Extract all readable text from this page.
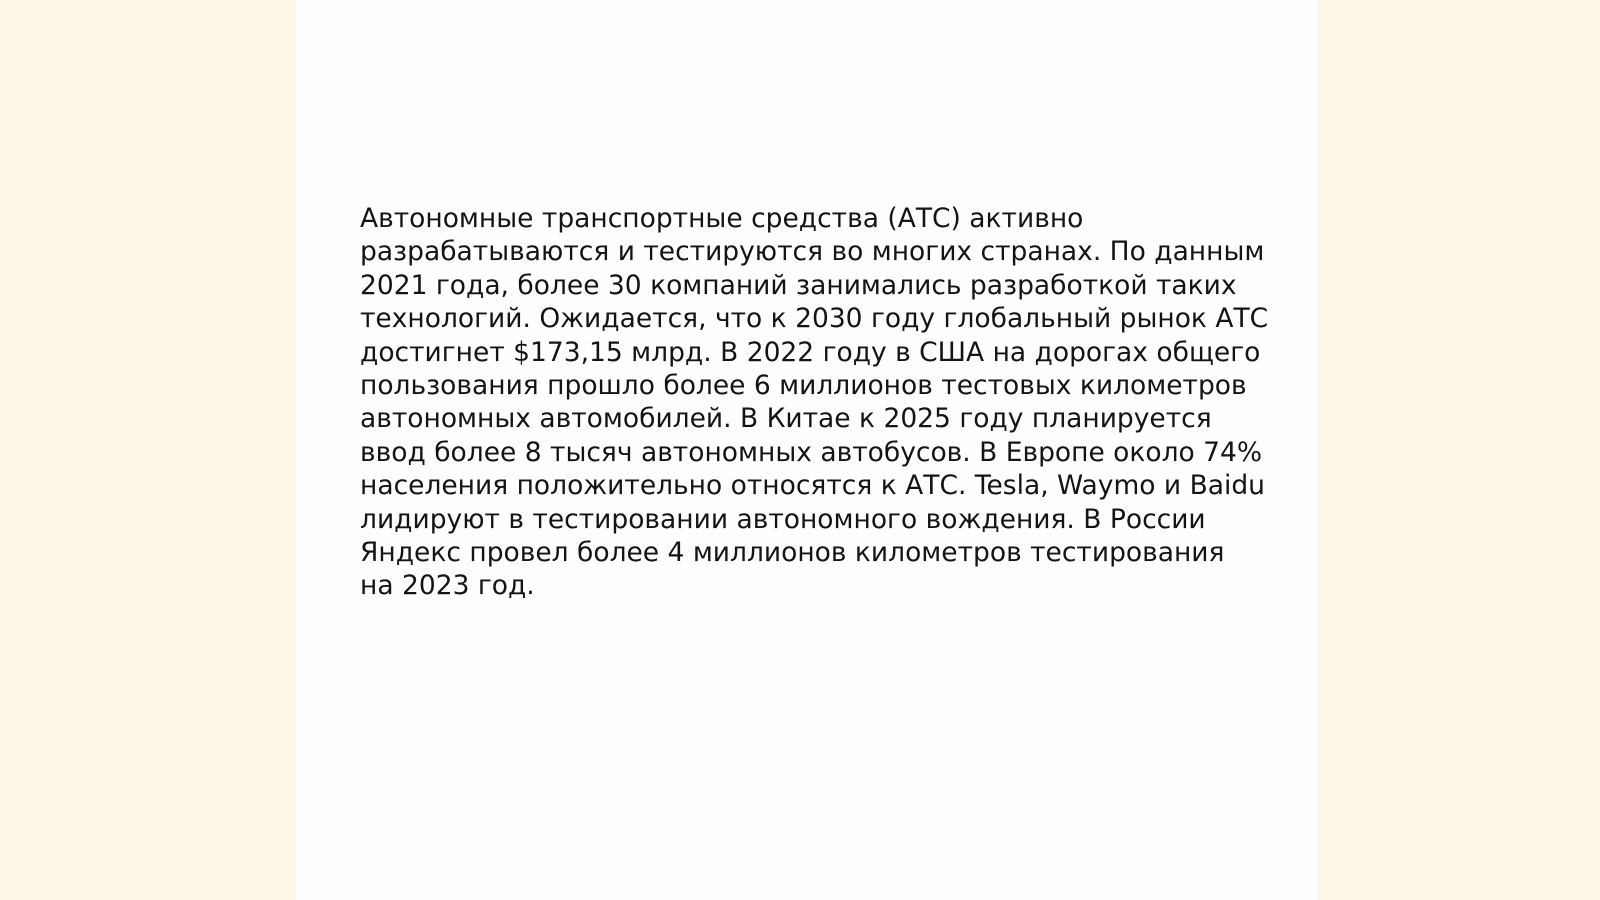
Автономные транспортные средства (АТС) активно
разрабатываются и тестируются во многих странах. По данным
2021 года, более 30 компаний занимались разработкой таких
технологий. Ожидается, что к 2030 году глобальный рынок АТС
достигнет $173,15 млрд. В 2022 году в США на дорогах общего
пользования прошло более 6 миллионов тестовых километров
автономных автомобилей. В Китае к 2025 году планируется
ввод более 8 тысяч автономных автобусов. В Европе около 74%
населения положительно относятся к АТС. Tesla, Waymo и Baidu
лидируют в тестировании автономного вождения. В России
Яндекс провел более 4 миллионов километров тестирования
на 2023 год.
